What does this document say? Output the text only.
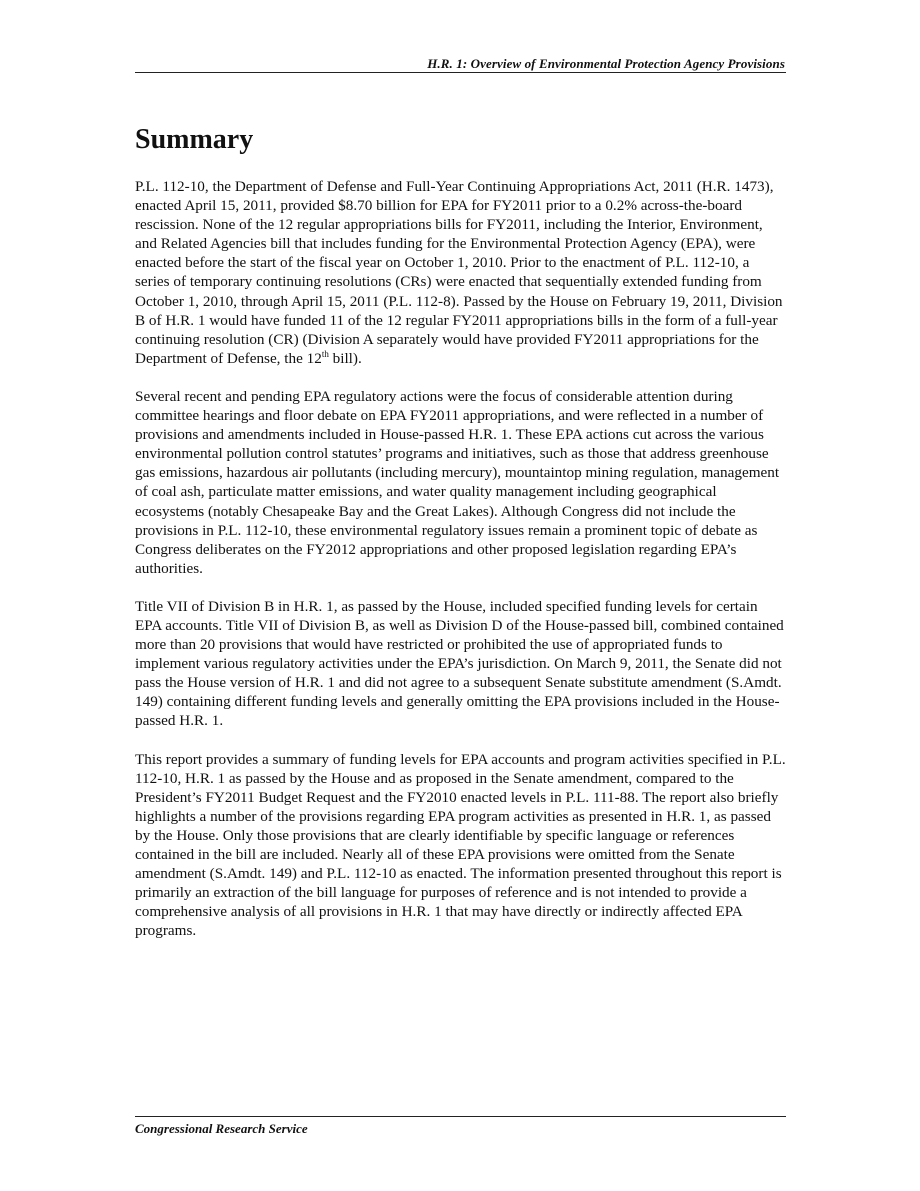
H.R. 1: Overview of Environmental Protection Agency Provisions
Summary

P.L. 112-10, the Department of Defense and Full-Year Continuing Appropriations Act, 2011 (H.R. 1473), enacted April 15, 2011, provided $8.70 billion for EPA for FY2011 prior to a 0.2% across-the-board rescission. None of the 12 regular appropriations bills for FY2011, including the Interior, Environment, and Related Agencies bill that includes funding for the Environmental Protection Agency (EPA), were enacted before the start of the fiscal year on October 1, 2010. Prior to the enactment of P.L. 112-10, a series of temporary continuing resolutions (CRs) were enacted that sequentially extended funding from October 1, 2010, through April 15, 2011 (P.L. 112-8). Passed by the House on February 19, 2011, Division B of H.R. 1 would have funded 11 of the 12 regular FY2011 appropriations bills in the form of a full-year continuing resolution (CR) (Division A separately would have provided FY2011 appropriations for the Department of Defense, the 12th bill).

Several recent and pending EPA regulatory actions were the focus of considerable attention during committee hearings and floor debate on EPA FY2011 appropriations, and were reflected in a number of provisions and amendments included in House-passed H.R. 1. These EPA actions cut across the various environmental pollution control statutes’ programs and initiatives, such as those that address greenhouse gas emissions, hazardous air pollutants (including mercury), mountaintop mining regulation, management of coal ash, particulate matter emissions, and water quality management including geographical ecosystems (notably Chesapeake Bay and the Great Lakes). Although Congress did not include the provisions in P.L. 112-10, these environmental regulatory issues remain a prominent topic of debate as Congress deliberates on the FY2012 appropriations and other proposed legislation regarding EPA’s authorities.

Title VII of Division B in H.R. 1, as passed by the House, included specified funding levels for certain EPA accounts. Title VII of Division B, as well as Division D of the House-passed bill, combined contained more than 20 provisions that would have restricted or prohibited the use of appropriated funds to implement various regulatory activities under the EPA’s jurisdiction. On March 9, 2011, the Senate did not pass the House version of H.R. 1 and did not agree to a subsequent Senate substitute amendment (S.Amdt. 149) containing different funding levels and generally omitting the EPA provisions included in the House-passed H.R. 1.

This report provides a summary of funding levels for EPA accounts and program activities specified in P.L. 112-10, H.R. 1 as passed by the House and as proposed in the Senate amendment, compared to the President’s FY2011 Budget Request and the FY2010 enacted levels in P.L. 111-88. The report also briefly highlights a number of the provisions regarding EPA program activities as presented in H.R. 1, as passed by the House. Only those provisions that are clearly identifiable by specific language or references contained in the bill are included. Nearly all of these EPA provisions were omitted from the Senate amendment (S.Amdt. 149) and P.L. 112-10 as enacted. The information presented throughout this report is primarily an extraction of the bill language for purposes of reference and is not intended to provide a comprehensive analysis of all provisions in H.R. 1 that may have directly or indirectly affected EPA programs.

Congressional Research Service
